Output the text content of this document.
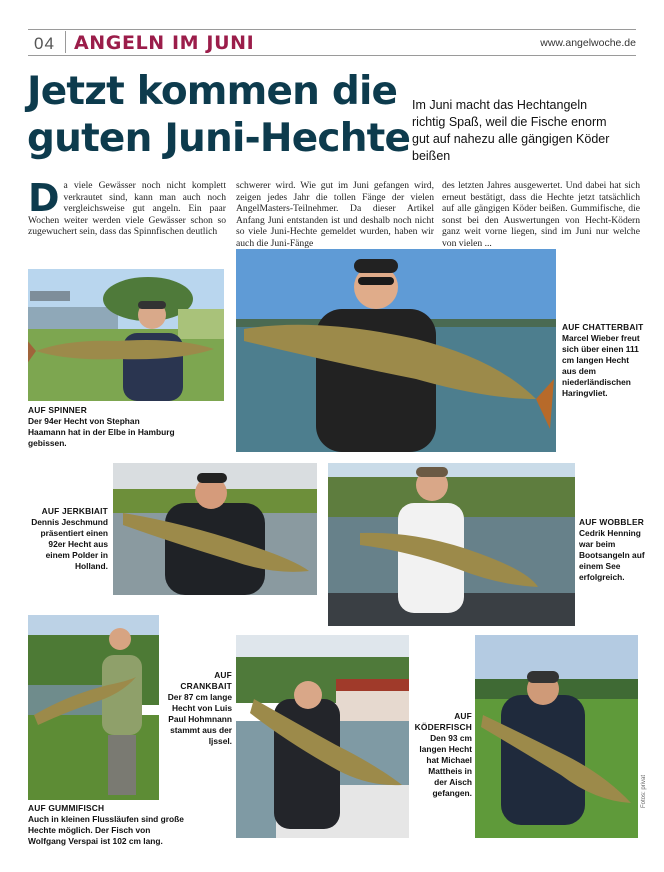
04 ANGELN IM JUNI	www.angelwoche.de
Jetzt kommen die
guten Juni-Hechte

Im Juni macht das Hechtangeln richtig Spaß, weil die Fische enorm gut auf nahezu alle gängigen Köder beißen

Da viele Gewässer noch nicht komplett verkrautet sind, kann man auch noch vergleichsweise gut angeln. Ein paar Wochen weiter werden viele Gewässer schon so zugewuchert sein, dass das Spinnfischen deutlich
schwerer wird. Wie gut im Juni gefangen wird, zeigen jedes Jahr die tollen Fänge der vielen AngelMasters-Teilnehmer. Da dieser Artikel Anfang Juni entstanden ist und deshalb noch nicht so viele Juni-Hechte gemeldet wurden, haben wir auch die Juni-Fänge
des letzten Jahres ausgewertet. Und dabei hat sich erneut bestätigt, dass die Hechte jetzt tatsächlich auf alle gängigen Köder beißen. Gummifische, die sonst bei den Auswertungen von Hecht-Ködern ganz weit vorne liegen, sind im Juni nur welche von vielen ...
AUF SPINNER
Der 94er Hecht von Stephan Haamann hat in der Elbe in Hamburg gebissen.
AUF CHATTERBAIT
Marcel Wieber freut sich über einen 111 cm langen Hecht aus dem niederländischen Haringvliet.
AUF JERKBIAIT
Dennis Jeschmund präsentiert einen 92er Hecht aus einem Polder in Holland.
AUF WOBBLER
Cedrik Henning war beim Bootsangeln auf einem See erfolgreich.
AUF CRANKBAIT
Der 87 cm lange Hecht von Luis Paul Hohmnann stammt aus der Ijssel.
AUF KÖDERFISCH
Den 93 cm langen Hecht hat Michael Mattheis in der Aisch gefangen.
AUF GUMMIFISCH
Auch in kleinen Flussläufen sind große Hechte möglich. Der Fisch von Wolfgang Verspai ist 102 cm lang.
Fotos: privat
